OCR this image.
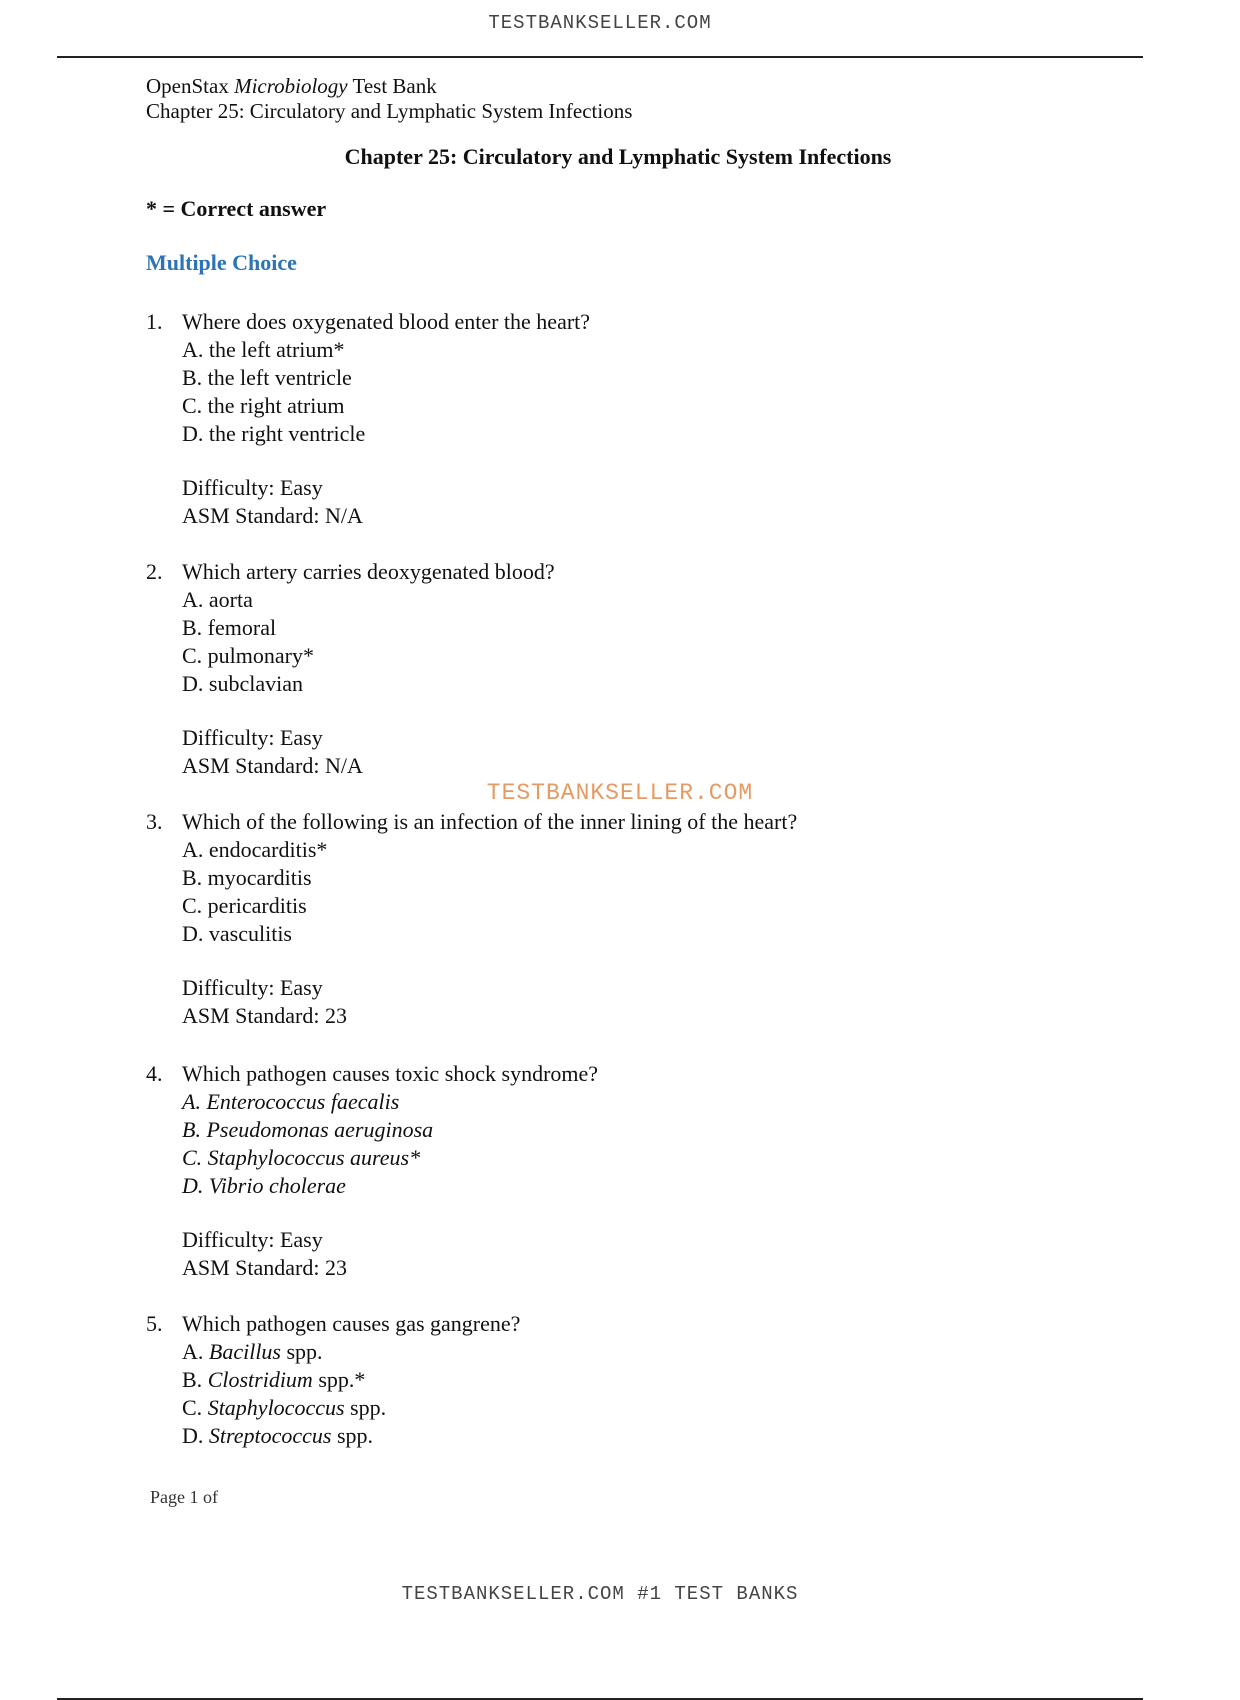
TESTBANKSELLER.COM
OpenStax Microbiology Test Bank
Chapter 25: Circulatory and Lymphatic System Infections
Chapter 25: Circulatory and Lymphatic System Infections
* = Correct answer
Multiple Choice
1. Where does oxygenated blood enter the heart?
A. the left atrium*
B. the left ventricle
C. the right atrium
D. the right ventricle
Difficulty: Easy
ASM Standard: N/A
2. Which artery carries deoxygenated blood?
A. aorta
B. femoral
C. pulmonary*
D. subclavian
Difficulty: Easy
ASM Standard: N/A
3. Which of the following is an infection of the inner lining of the heart?
A. endocarditis*
B. myocarditis
C. pericarditis
D. vasculitis
Difficulty: Easy
ASM Standard: 23
4. Which pathogen causes toxic shock syndrome?
A. Enterococcus faecalis
B. Pseudomonas aeruginosa
C. Staphylococcus aureus*
D. Vibrio cholerae
Difficulty: Easy
ASM Standard: 23
5. Which pathogen causes gas gangrene?
A. Bacillus spp.
B. Clostridium spp.*
C. Staphylococcus spp.
D. Streptococcus spp.
TESTBANKSELLER.COM
Page 1 of
TESTBANKSELLER.COM #1 TEST BANKS
